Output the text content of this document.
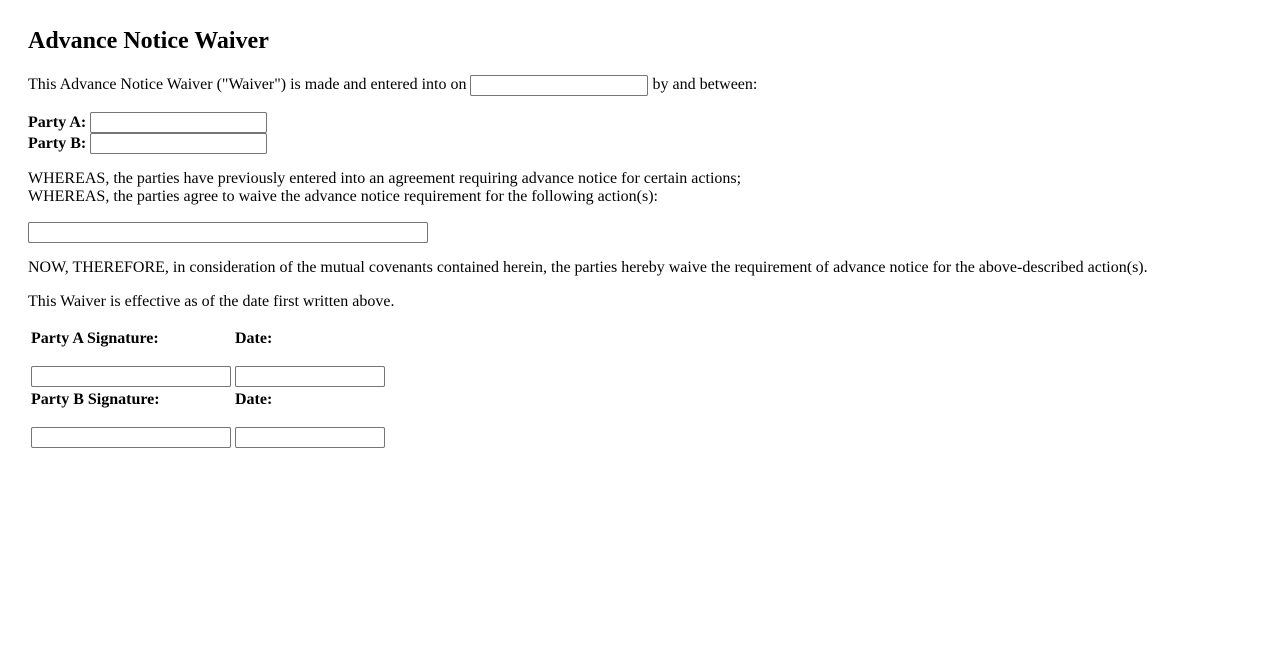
Advance Notice Waiver
This Advance Notice Waiver ("Waiver") is made and entered into on	by and between:
Party A:
Party B:
WHEREAS, the parties have previously entered into an agreement requiring advance notice for certain actions;
WHEREAS, the parties agree to waive the advance notice requirement for the following action(s):
NOW, THEREFORE, in consideration of the mutual covenants contained herein, the parties hereby waive the requirement of advance notice for the above-described action(s).
This Waiver is effective as of the date first written above.
Party A Signature:	Date:
Party B Signature:	Date:
